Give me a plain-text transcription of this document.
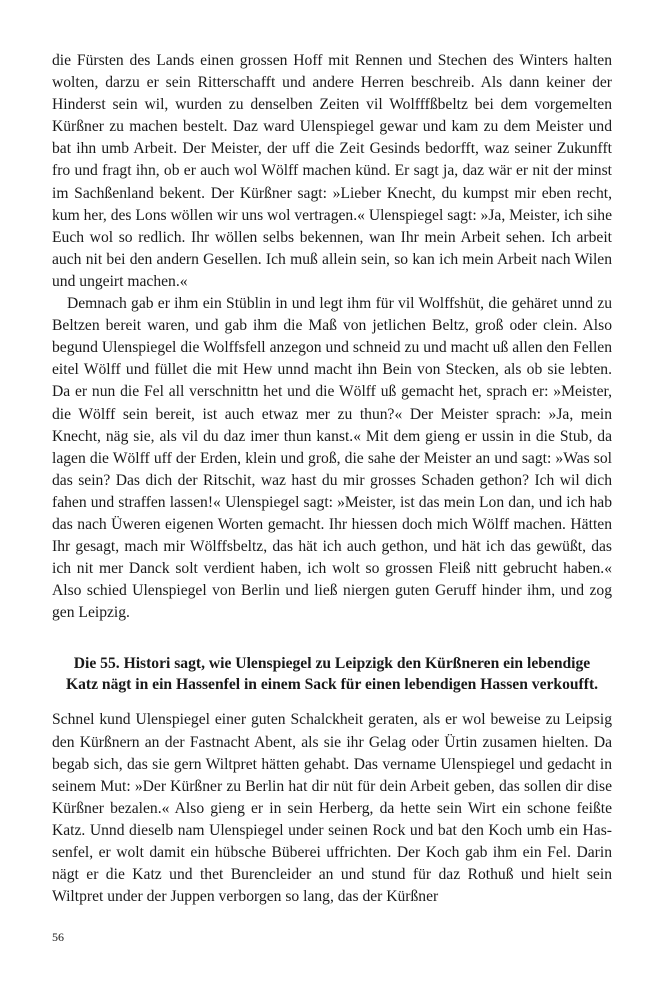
die Fürsten des Lands einen grossen Hoff mit Rennen und Stechen des Winters halten wolten, darzu er sein Ritterschafft und andere Herren beschreib. Als dann keiner der Hinderst sein wil, wurden zu denselben Zeiten vil Wolfffßbeltz bei dem vorgemelten Kürßner zu machen bestelt. Daz ward Ulenspiegel gewar und kam zu dem Meister und bat ihn umb Arbeit. Der Meister, der uff die Zeit Gesinds bedorfft, waz seiner Zukunfft fro und fragt ihn, ob er auch wol Wölff machen künd. Er sagt ja, daz wär er nit der minst im Sachßenland bekent. Der Kürßner sagt: »Lieber Knecht, du kumpst mir eben recht, kum her, des Lons wöllen wir uns wol vertragen.« Ulenspiegel sagt: »Ja, Meister, ich sihe Euch wol so redlich. Ihr wöllen selbs bekennen, wan Ihr mein Arbeit sehen. Ich arbeit auch nit bei den andern Gesellen. Ich muß allein sein, so kan ich mein Arbeit nach Wilen und ungeirt machen.«

Demnach gab er ihm ein Stüblin in und legt ihm für vil Wolffshüt, die gehäret unnd zu Beltzen bereit waren, und gab ihm die Maß von jetlichen Beltz, groß oder clein. Also begund Ulenspiegel die Wolffsfell anzegon und schneid zu und macht uß allen den Fellen eitel Wölff und füllet die mit Hew unnd macht ihn Bein von Stecken, als ob sie lebten. Da er nun die Fel all verschnittn het und die Wölff uß gemacht het, sprach er: »Meister, die Wölff sein bereit, ist auch etwaz mer zu thun?« Der Meister sprach: »Ja, mein Knecht, näg sie, als vil du daz imer thun kanst.« Mit dem gieng er ussin in die Stub, da lagen die Wölff uff der Erden, klein und groß, die sahe der Meister an und sagt: »Was sol das sein? Das dich der Ritschit, waz hast du mir grosses Schaden gethon? Ich wil dich fahen und straffen lassen!« Ulenspiegel sagt: »Meister, ist das mein Lon dan, und ich hab das nach Üweren eigenen Worten gemacht. Ihr hiessen doch mich Wölff machen. Hätten Ihr gesagt, mach mir Wölffsbeltz, das hät ich auch gethon, und hät ich das gewüßt, das ich nit mer Danck solt verdient haben, ich wolt so grossen Fleiß nitt gebrucht haben.« Also schied Ulenspiegel von Berlin und ließ niergen guten Geruff hinder ihm, und zog gen Leipzig.

Die 55. Histori sagt, wie Ulenspiegel zu Leipzigk den Kürßneren ein lebendige Katz nägt in ein Hassenfel in einem Sack für einen lebendigen Hassen verkoufft.

Schnel kund Ulenspiegel einer guten Schalckheit geraten, als er wol beweise zu Leipsig den Kürßnern an der Fastnacht Abent, als sie ihr Gelag oder Ürtin zusamen hielten. Da begab sich, das sie gern Wiltpret hätten gehabt. Das vername Ulenspiegel und gedacht in seinem Mut: »Der Kürßner zu Berlin hat dir nüt für dein Arbeit geben, das sollen dir dise Kürßner bezalen.« Also gieng er in sein Herberg, da hette sein Wirt ein schone feißte Katz. Unnd dieselb nam Ulenspiegel under seinen Rock und bat den Koch umb ein Hassenfel, er wolt damit ein hübsche Büberei uffrichten. Der Koch gab ihm ein Fel. Darin nägt er die Katz und thet Burencleider an und stund für daz Rothuß und hielt sein Wiltpret under der Juppen verborgen so lang, das der Kürßner

56
